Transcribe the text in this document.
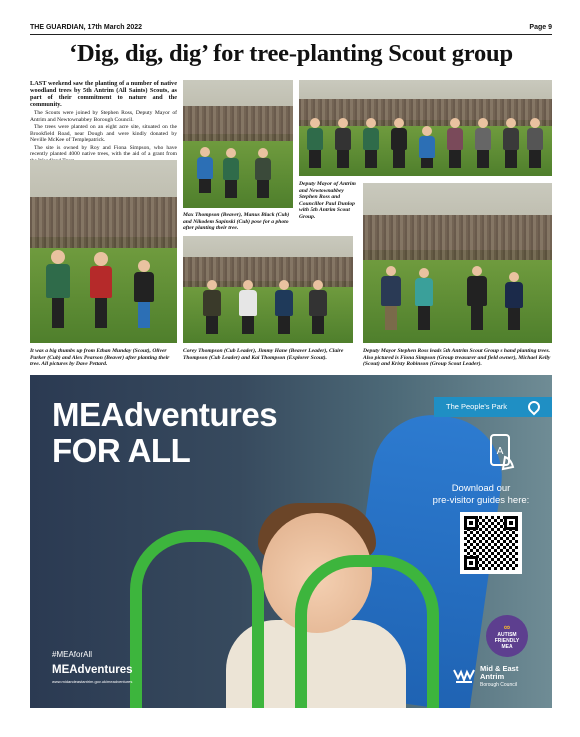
THE GUARDIAN, 17th March 2022	Page 9
‘Dig, dig, dig’ for tree-planting Scout group

LAST weekend saw the planting of a number of native woodland trees by 5th Antrim (All Saints) Scouts, as part of their commitment to nature and the community.

The Scouts were joined by Stephen Ross, Deputy Mayor of Antrim and Newtownabbey Borough Council.

The trees were planted on an eight acre site, situated on the Brookfield Road, near Dough and were kindly donated by Neville McKee of Templepatrick.

The site is owned by Roy and Fiona Simpson, who have recently planted 4000 native trees, with the aid of a grant from

Deputy Mayor of Antrim and Newtownabbey Stephen Ross and Councillor Paul Dunlop with 5th Antrim Scout Group.
Max Thompson (Beaver), Manus Black (Cub) and Nikodem Sapinski (Cub) pose for a photo after planting their tree.
It was a big thumbs up from Ethan Munday (Scout), Oliver Parker (Cub) and Alex Pearson (Beaver) after planting their tree. All pictures by Dave Pettard.
Corey Thompson (Cub Leader), Jimmy Hane (Beaver Leader), Claire Thompson (Cub Leader) and Kai Thompson (Explorer Scout).
Deputy Mayor Stephen Ross leads 5th Antrim Scout Group s hand planting trees. Also pictured is Fiona Simpson (Group treasurer and field owner), Michael Kelly (Scout) and Kristy Robinson (Group Scout Leader).
MEAdventures
FOR ALL
The People's Park
A
Download our
pre-visitor guides here:
∞
AUTISM
FRIENDLY
MEA
#MEAforAll
MEAdventures
www.midandeastantrim.gov.uk/meadventures
Mid & East
Antrim
Borough Council
